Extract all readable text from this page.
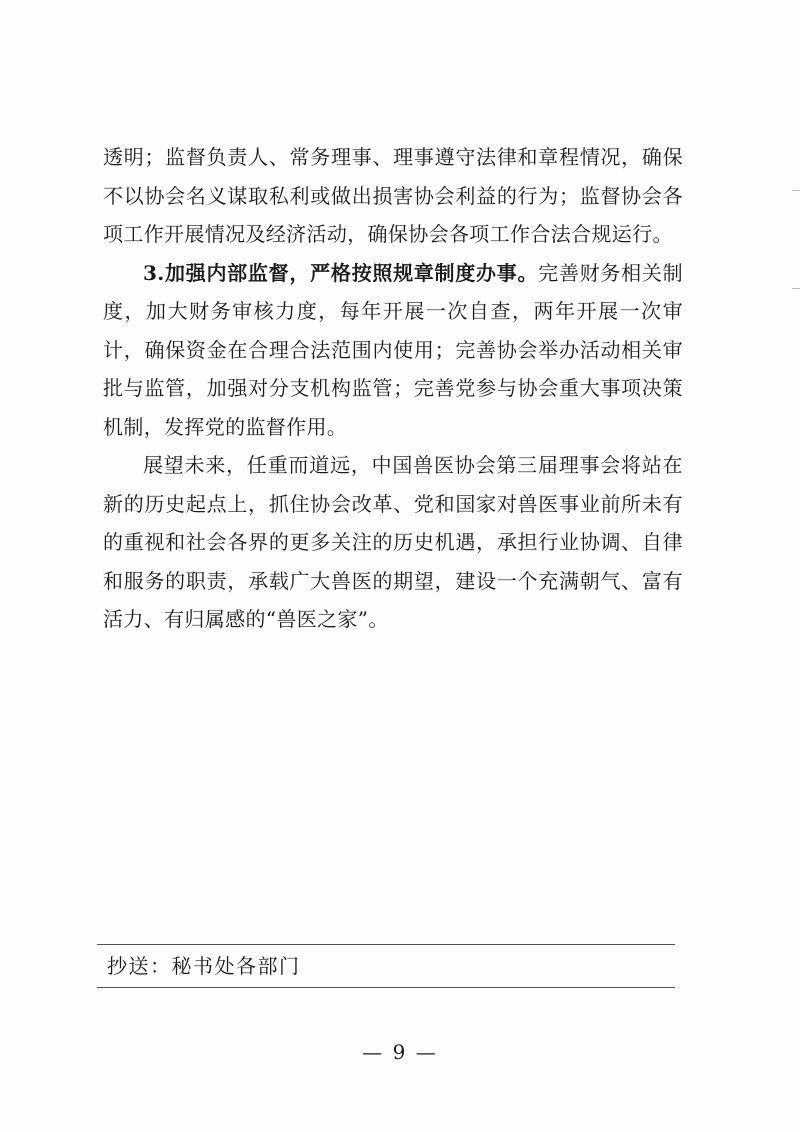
透明；监督负责人、常务理事、理事遵守法律和章程情况，确保不以协会名义谋取私利或做出损害协会利益的行为；监督协会各项工作开展情况及经济活动，确保协会各项工作合法合规运行。

3.加强内部监督，严格按照规章制度办事。完善财务相关制度，加大财务审核力度，每年开展一次自查，两年开展一次审计，确保资金在合理合法范围内使用；完善协会举办活动相关审批与监管，加强对分支机构监管；完善党参与协会重大事项决策机制，发挥党的监督作用。

展望未来，任重而道远，中国兽医协会第三届理事会将站在新的历史起点上，抓住协会改革、党和国家对兽医事业前所未有的重视和社会各界的更多关注的历史机遇，承担行业协调、自律和服务的职责，承载广大兽医的期望，建设一个充满朝气、富有活力、有归属感的“兽医之家”。

抄送：秘书处各部门
— 9 —
